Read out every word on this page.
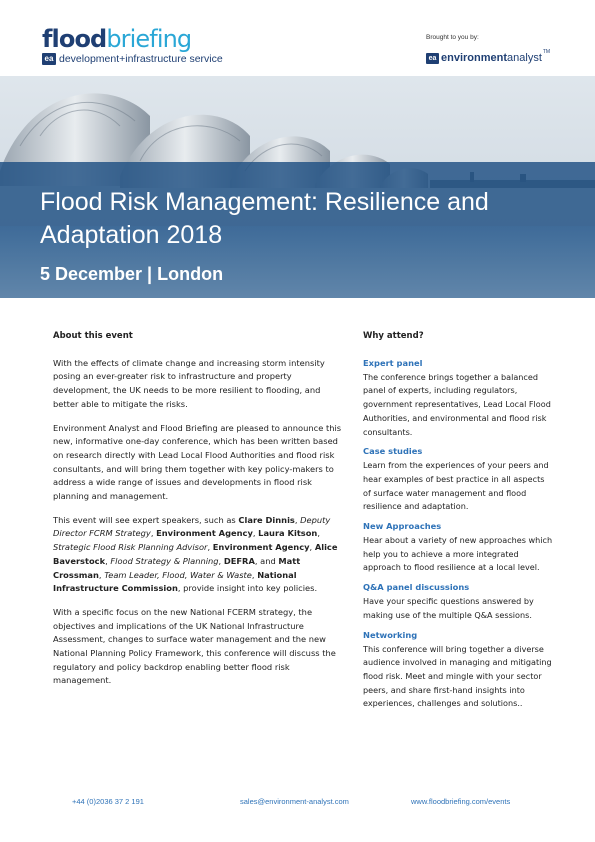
floodbriefing
ea development+infrastructure service
Brought to you by:
ea environment analyst TM
Flood Risk Management: Resilience and Adaptation 2018
5 December | London
About this event

With the effects of climate change and increasing storm intensity posing an ever-greater risk to infrastructure and property development, the UK needs to be more resilient to flooding, and better able to mitigate the risks.

Environment Analyst and Flood Briefing are pleased to announce this new, informative one-day conference, which has been written based on research directly with Lead Local Flood Authorities and flood risk consultants, and will bring them together with key policy-makers to address a wide range of issues and developments in flood risk planning and management.

This event will see expert speakers, such as Clare Dinnis, Deputy Director FCRM Strategy, Environment Agency, Laura Kitson, Strategic Flood Risk Planning Advisor, Environment Agency, Alice Baverstock, Flood Strategy & Planning, DEFRA, and Matt Crossman, Team Leader, Flood, Water & Waste, National Infrastructure Commission, provide insight into key policies.

With a specific focus on the new National FCERM strategy, the objectives and implications of the UK National Infrastructure Assessment, changes to surface water management and the new National Planning Policy Framework, this conference will discuss the regulatory and policy backdrop enabling better flood risk management.

Why attend?
Expert panel

The conference brings together a balanced panel of experts, including regulators, government representatives, Lead Local Flood Authorities, and environmental and flood risk consultants.

Case studies

Learn from the experiences of your peers and hear examples of best practice in all aspects of surface water management and flood resilience and adaptation.

New Approaches

Hear about a variety of new approaches which help you to achieve a more integrated approach to flood resilience at a local level.

Q&A panel discussions

Have your specific questions answered by making use of the multiple Q&A sessions.

Networking

This conference will bring together a diverse audience involved in managing and mitigating flood risk. Meet and mingle with your sector peers, and share first-hand insights into experiences, challenges and solutions..

+44 (0)2036 37 2 191	sales@environment-analyst.com	www.floodbriefing.com/events
